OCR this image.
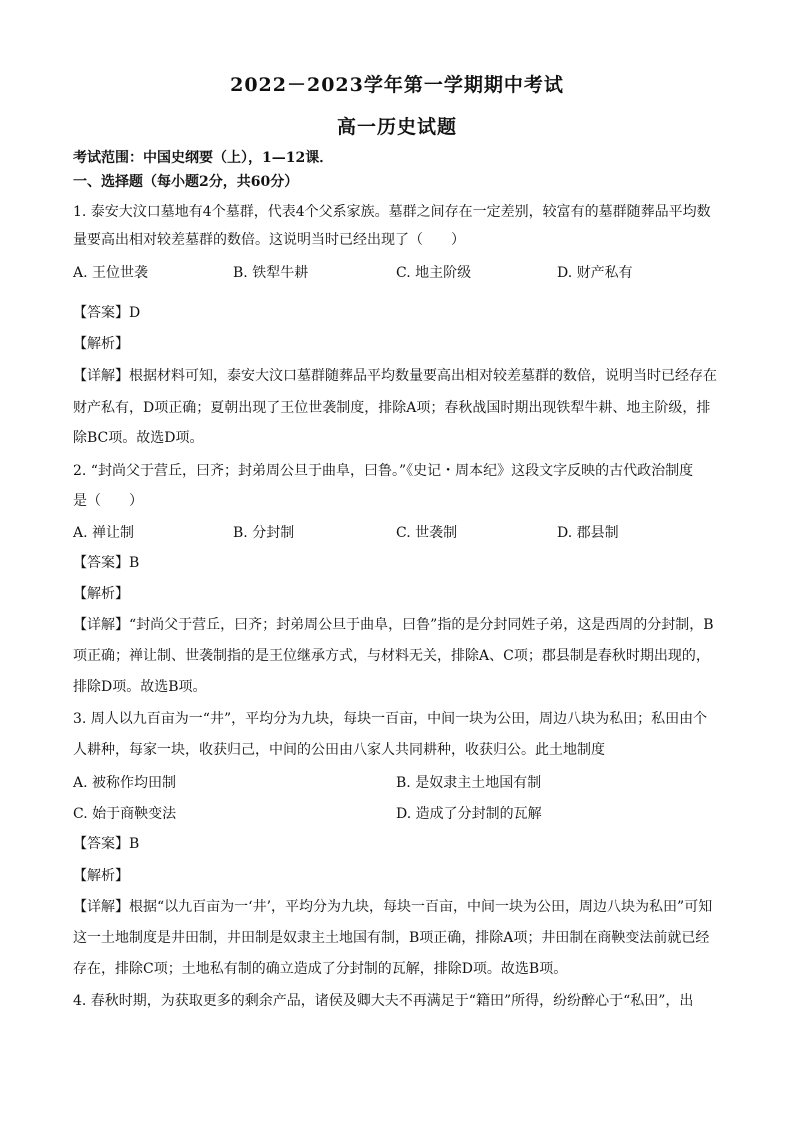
2022－2023学年第一学期期中考试
高一历史试题
考试范围：中国史纲要（上），1—12课．
一、选择题（每小题2分，共60分）
1. 泰安大汶口墓地有4个墓群，代表4个父系家族。墓群之间存在一定差别，较富有的墓群随葬品平均数
量要高出相对较差墓群的数倍。这说明当时已经出现了（　　）
A. 王位世袭	B. 铁犁牛耕	C. 地主阶级	D. 财产私有
【答案】D
【解析】
【详解】根据材料可知，泰安大汶口墓群随葬品平均数量要高出相对较差墓群的数倍，说明当时已经存在
财产私有，D项正确；夏朝出现了王位世袭制度，排除A项；春秋战国时期出现铁犁牛耕、地主阶级，排
除BC项。故选D项。
2. “封尚父于营丘，曰齐；封弟周公旦于曲阜，曰鲁。”《史记・周本纪》这段文字反映的古代政治制度
是（　　）
A. 禅让制	B. 分封制	C. 世袭制	D. 郡县制
【答案】B
【解析】
【详解】“封尚父于营丘，曰齐；封弟周公旦于曲阜，曰鲁”指的是分封同姓子弟，这是西周的分封制，B
项正确；禅让制、世袭制指的是王位继承方式，与材料无关，排除A、C项；郡县制是春秋时期出现的，
排除D项。故选B项。
3. 周人以九百亩为一“井”，平均分为九块，每块一百亩，中间一块为公田，周边八块为私田；私田由个
人耕种，每家一块，收获归己，中间的公田由八家人共同耕种，收获归公。此土地制度
A. 被称作均田制	B. 是奴隶主土地国有制
C. 始于商鞅变法	D. 造成了分封制的瓦解
【答案】B
【解析】
【详解】根据“以九百亩为一‘井’，平均分为九块，每块一百亩，中间一块为公田，周边八块为私田”可知
这一土地制度是井田制，井田制是奴隶主土地国有制，B项正确，排除A项；井田制在商鞅变法前就已经
存在，排除C项；土地私有制的确立造成了分封制的瓦解，排除D项。故选B项。
4. 春秋时期，为获取更多的剩余产品，诸侯及卿大夫不再满足于“籍田”所得，纷纷醉心于“私田”，出
